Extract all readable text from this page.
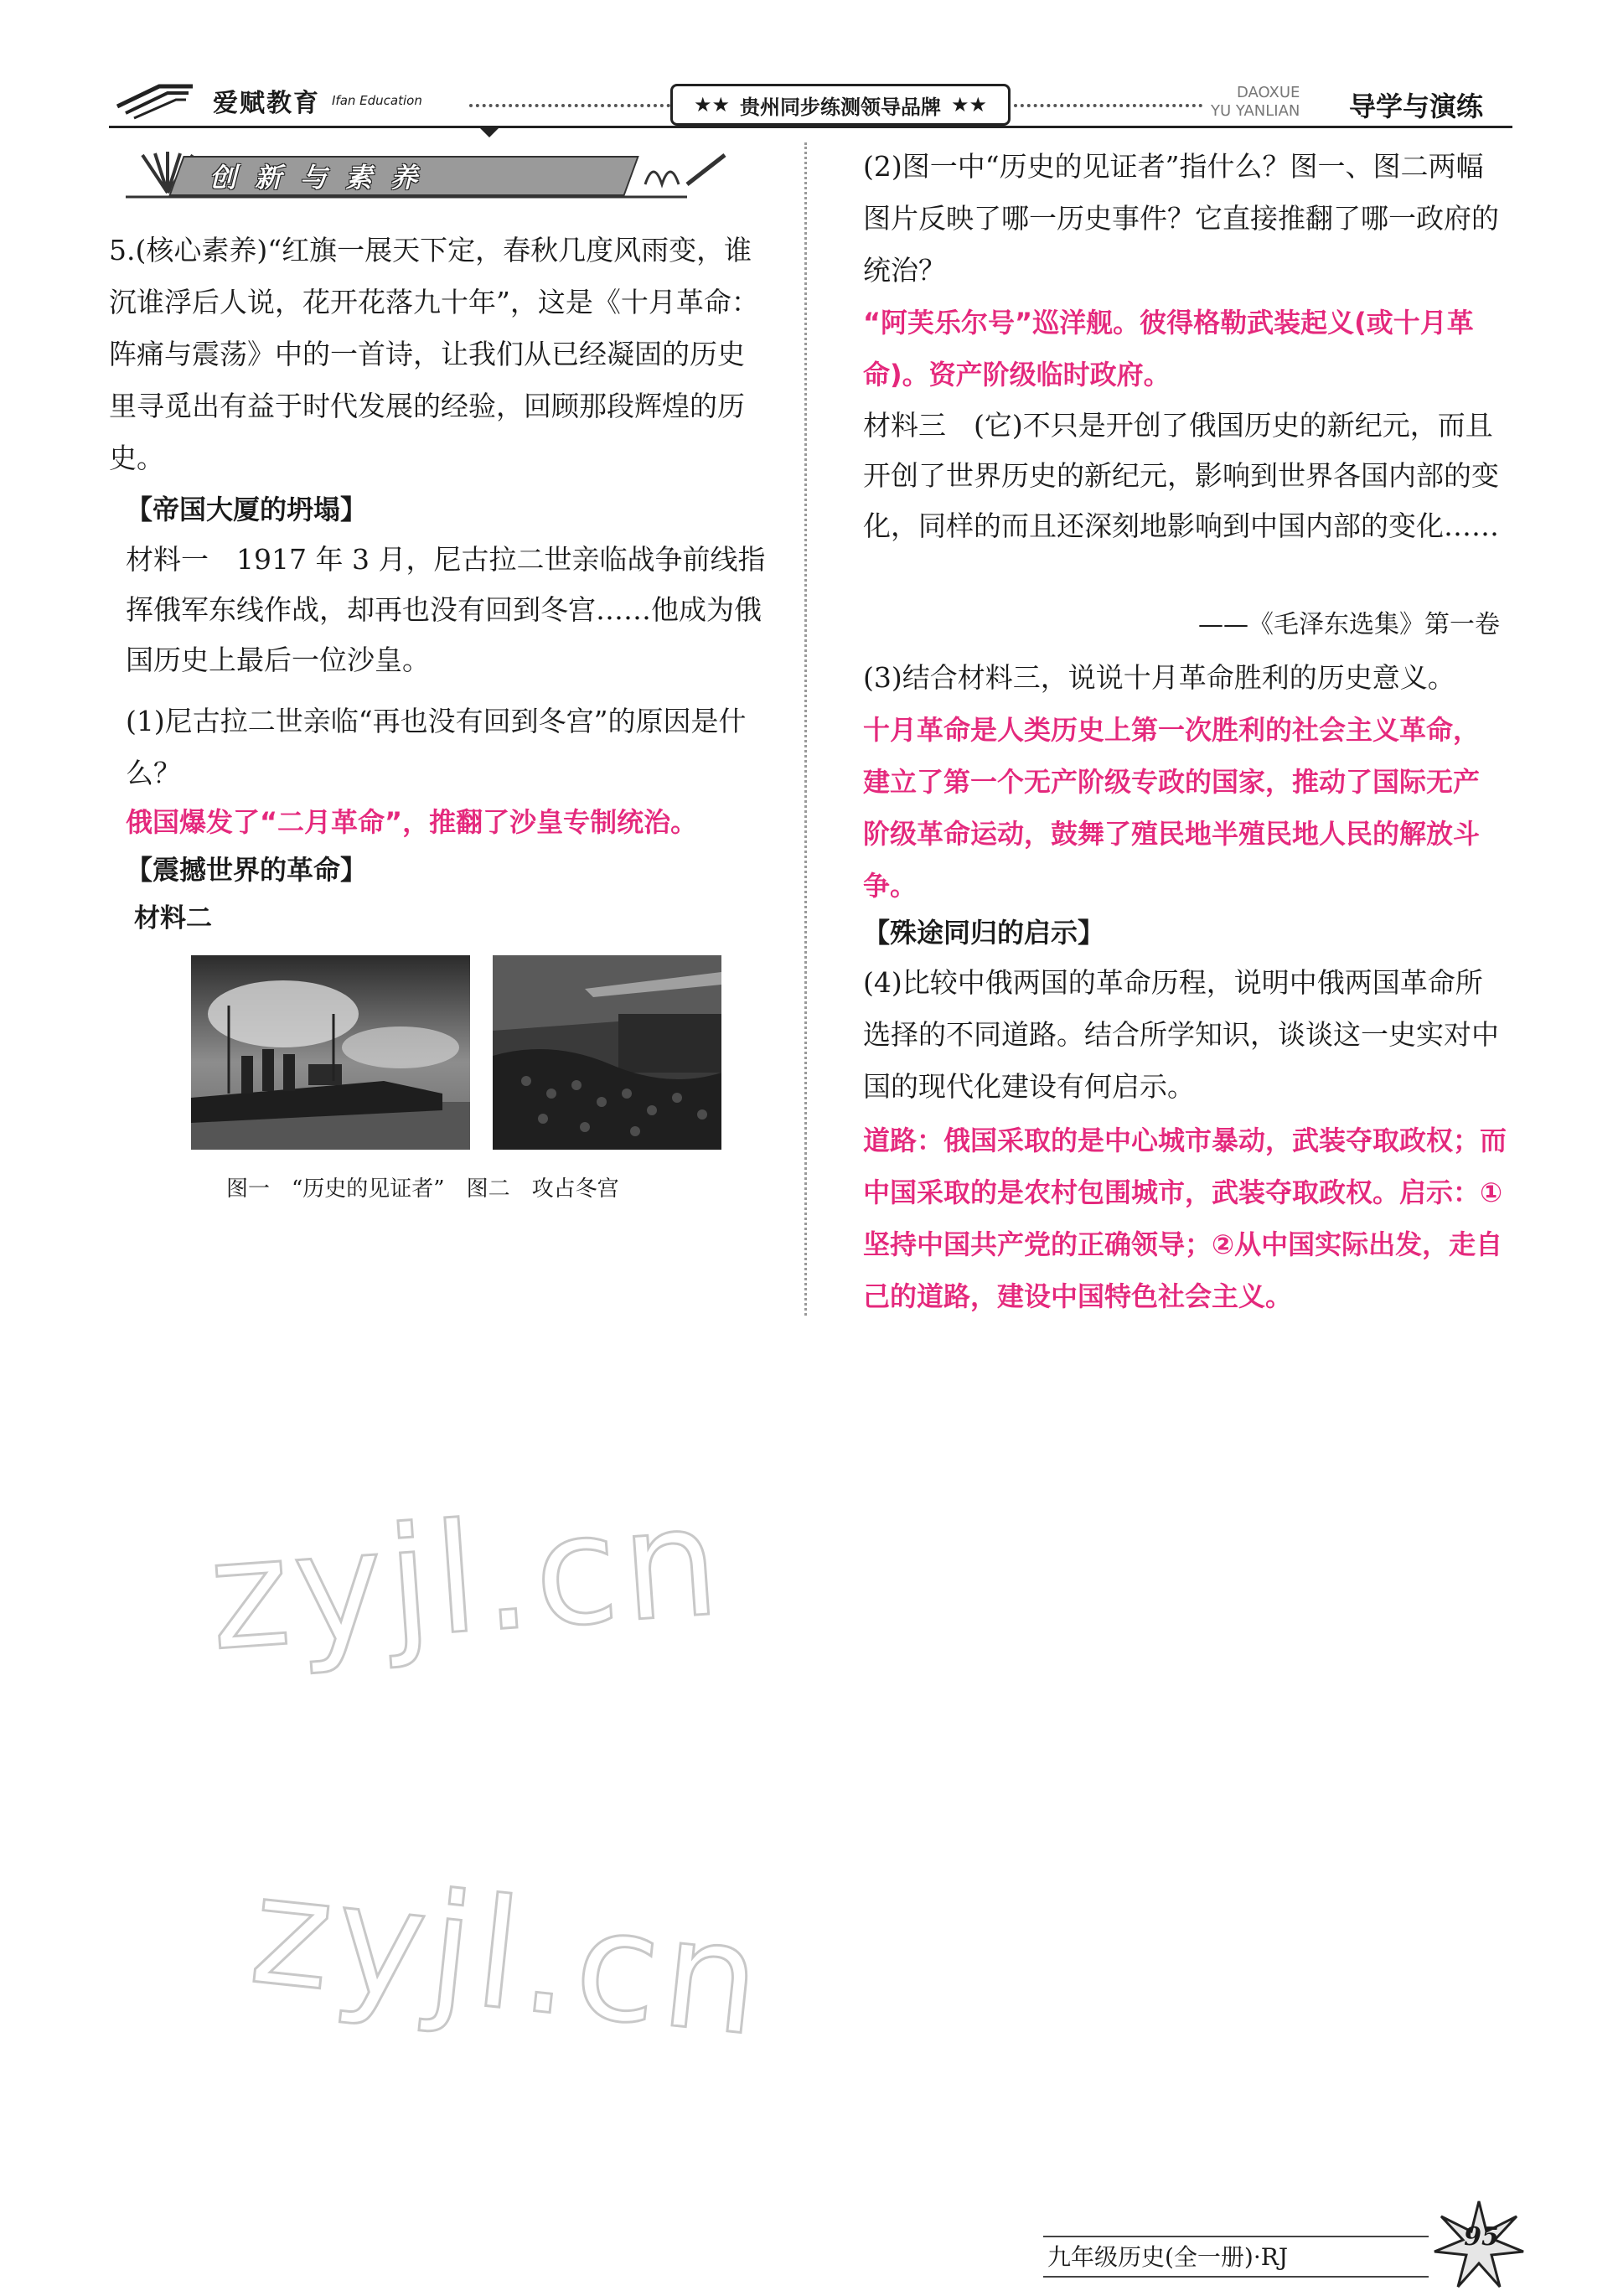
爱赋教育 Ifan Education	★★ 贵州同步练测领导品牌 ★★
DAOXUE
YU YANLIAN 导学与演练
创新与素养
5.(核心素养)“红旗一展天下定，春秋几度风雨变，谁沉谁浮后人说，花开花落九十年”，这是《十月革命：阵痛与震荡》中的一首诗，让我们从已经凝固的历史里寻觅出有益于时代发展的经验，回顾那段辉煌的历史。
【帝国大厦的坍塌】
材料一　1917 年 3 月，尼古拉二世亲临战争前线指挥俄军东线作战，却再也没有回到冬宫……他成为俄国历史上最后一位沙皇。
(1)尼古拉二世亲临“再也没有回到冬宫”的原因是什么？
俄国爆发了“二月革命”，推翻了沙皇专制统治。
【震撼世界的革命】
材料二
图一　“历史的见证者”　图二　攻占冬宫
(2)图一中“历史的见证者”指什么？图一、图二两幅图片反映了哪一历史事件？它直接推翻了哪一政府的统治？
“阿芙乐尔号”巡洋舰。彼得格勒武装起义(或十月革命)。资产阶级临时政府。
材料三　(它)不只是开创了俄国历史的新纪元，而且开创了世界历史的新纪元，影响到世界各国内部的变化，同样的而且还深刻地影响到中国内部的变化……
——《毛泽东选集》第一卷
(3)结合材料三，说说十月革命胜利的历史意义。
十月革命是人类历史上第一次胜利的社会主义革命，建立了第一个无产阶级专政的国家，推动了国际无产阶级革命运动，鼓舞了殖民地半殖民地人民的解放斗争。
【殊途同归的启示】
(4)比较中俄两国的革命历程，说明中俄两国革命所选择的不同道路。结合所学知识，谈谈这一史实对中国的现代化建设有何启示。
道路：俄国采取的是中心城市暴动，武装夺取政权；而中国采取的是农村包围城市，武装夺取政权。启示：①坚持中国共产党的正确领导；②从中国实际出发，走自己的道路，建设中国特色社会主义。
zyjl.cn
zyjl.cn
九年级历史(全一册)·RJ
95
